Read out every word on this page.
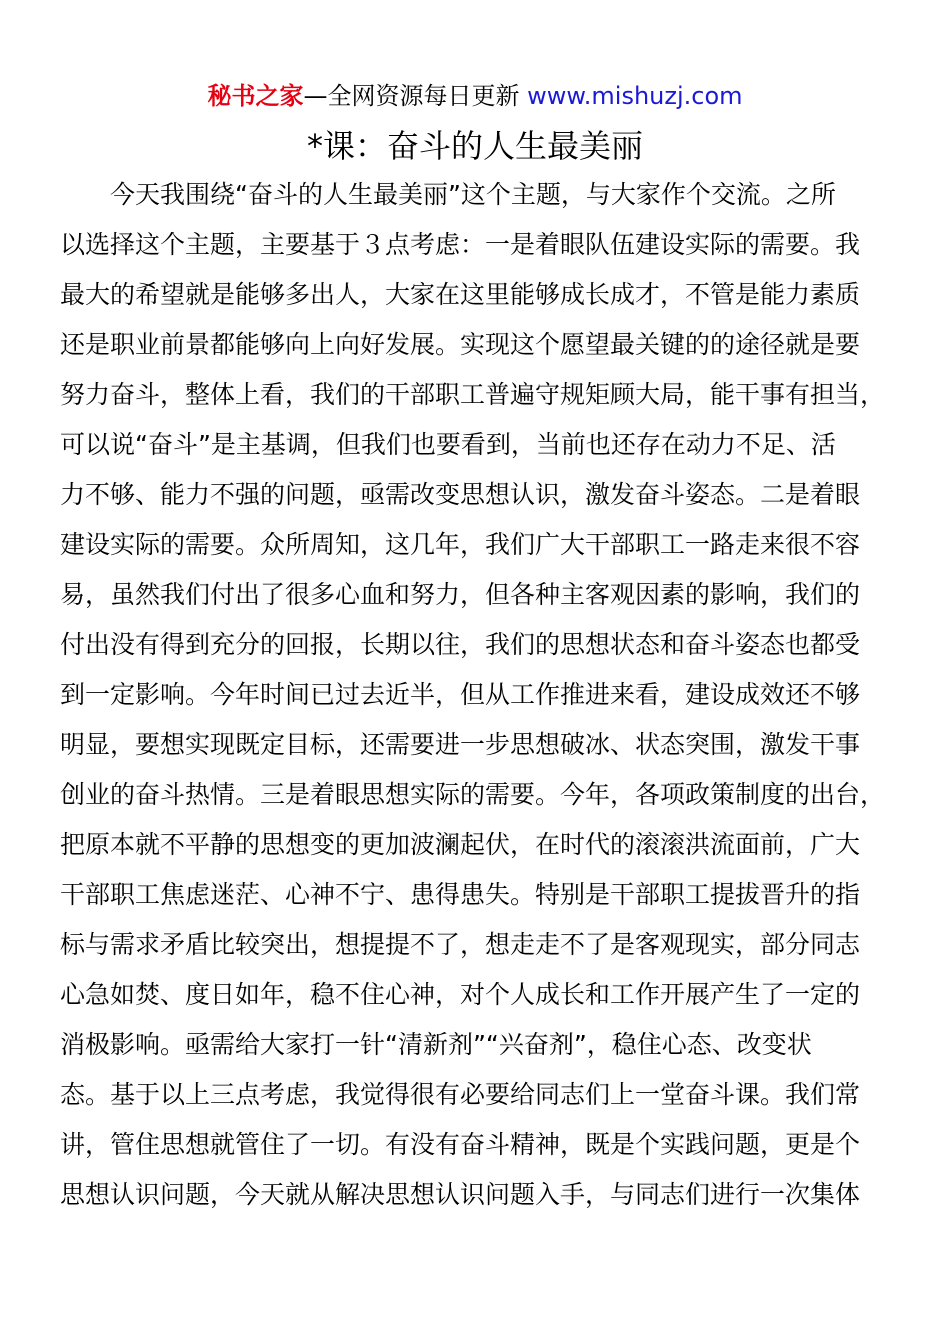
秘书之家—全网资源每日更新 www.mishuzj.com
*课：奋斗的人生最美丽
　　今天我围绕“奋斗的人生最美丽”这个主题，与大家作个交流。之所
以选择这个主题，主要基于３点考虑：一是着眼队伍建设实际的需要。我
最大的希望就是能够多出人，大家在这里能够成长成才，不管是能力素质
还是职业前景都能够向上向好发展。实现这个愿望最关键的的途径就是要
努力奋斗，整体上看，我们的干部职工普遍守规矩顾大局，能干事有担当，
可以说“奋斗”是主基调，但我们也要看到，当前也还存在动力不足、活
力不够、能力不强的问题，亟需改变思想认识，激发奋斗姿态。二是着眼
建设实际的需要。众所周知，这几年，我们广大干部职工一路走来很不容
易，虽然我们付出了很多心血和努力，但各种主客观因素的影响，我们的
付出没有得到充分的回报，长期以往，我们的思想状态和奋斗姿态也都受
到一定影响。今年时间已过去近半，但从工作推进来看，建设成效还不够
明显，要想实现既定目标，还需要进一步思想破冰、状态突围，激发干事
创业的奋斗热情。三是着眼思想实际的需要。今年，各项政策制度的出台，
把原本就不平静的思想变的更加波澜起伏，在时代的滚滚洪流面前，广大
干部职工焦虑迷茫、心神不宁、患得患失。特别是干部职工提拔晋升的指
标与需求矛盾比较突出，想提提不了，想走走不了是客观现实，部分同志
心急如焚、度日如年，稳不住心神，对个人成长和工作开展产生了一定的
消极影响。亟需给大家打一针“清新剂”“兴奋剂”，稳住心态、改变状
态。基于以上三点考虑，我觉得很有必要给同志们上一堂奋斗课。我们常
讲，管住思想就管住了一切。有没有奋斗精神，既是个实践问题，更是个
思想认识问题，今天就从解决思想认识问题入手，与同志们进行一次集体
